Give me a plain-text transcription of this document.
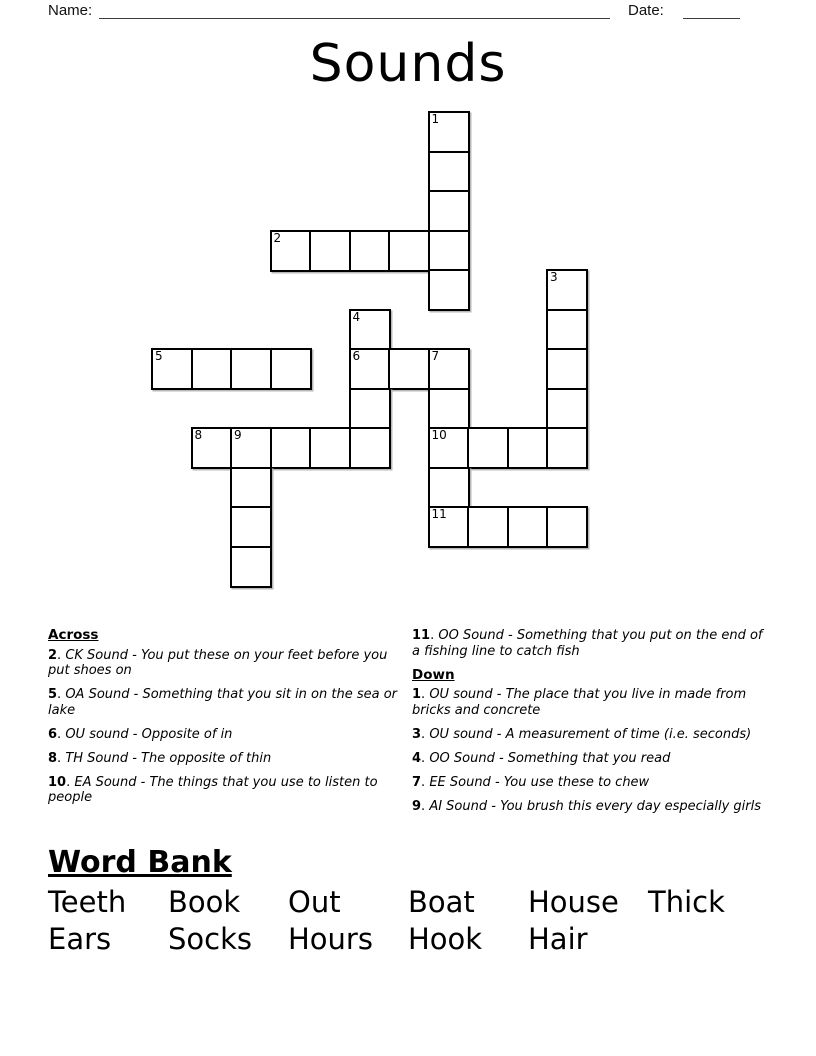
Name:	Date:
Sounds
1
2
3
4
5	6	7
8	9	10
11
Across
2. CK Sound - You put these on your feet before you put shoes on
5. OA Sound - Something that you sit in on the sea or lake
6. OU sound - Opposite of in
8. TH Sound - The opposite of thin
10. EA Sound - The things that you use to listen to people
11. OO Sound - Something that you put on the end of a fishing line to catch fish
Down
1. OU sound - The place that you live in made from bricks and concrete
3. OU sound - A measurement of time (i.e. seconds)
4. OO Sound - Something that you read
7. EE Sound - You use these to chew
9. AI Sound - You brush this every day especially girls
Word Bank
Teeth	Book	Out	Boat	House	Thick
Ears	Socks	Hours	Hook	Hair
